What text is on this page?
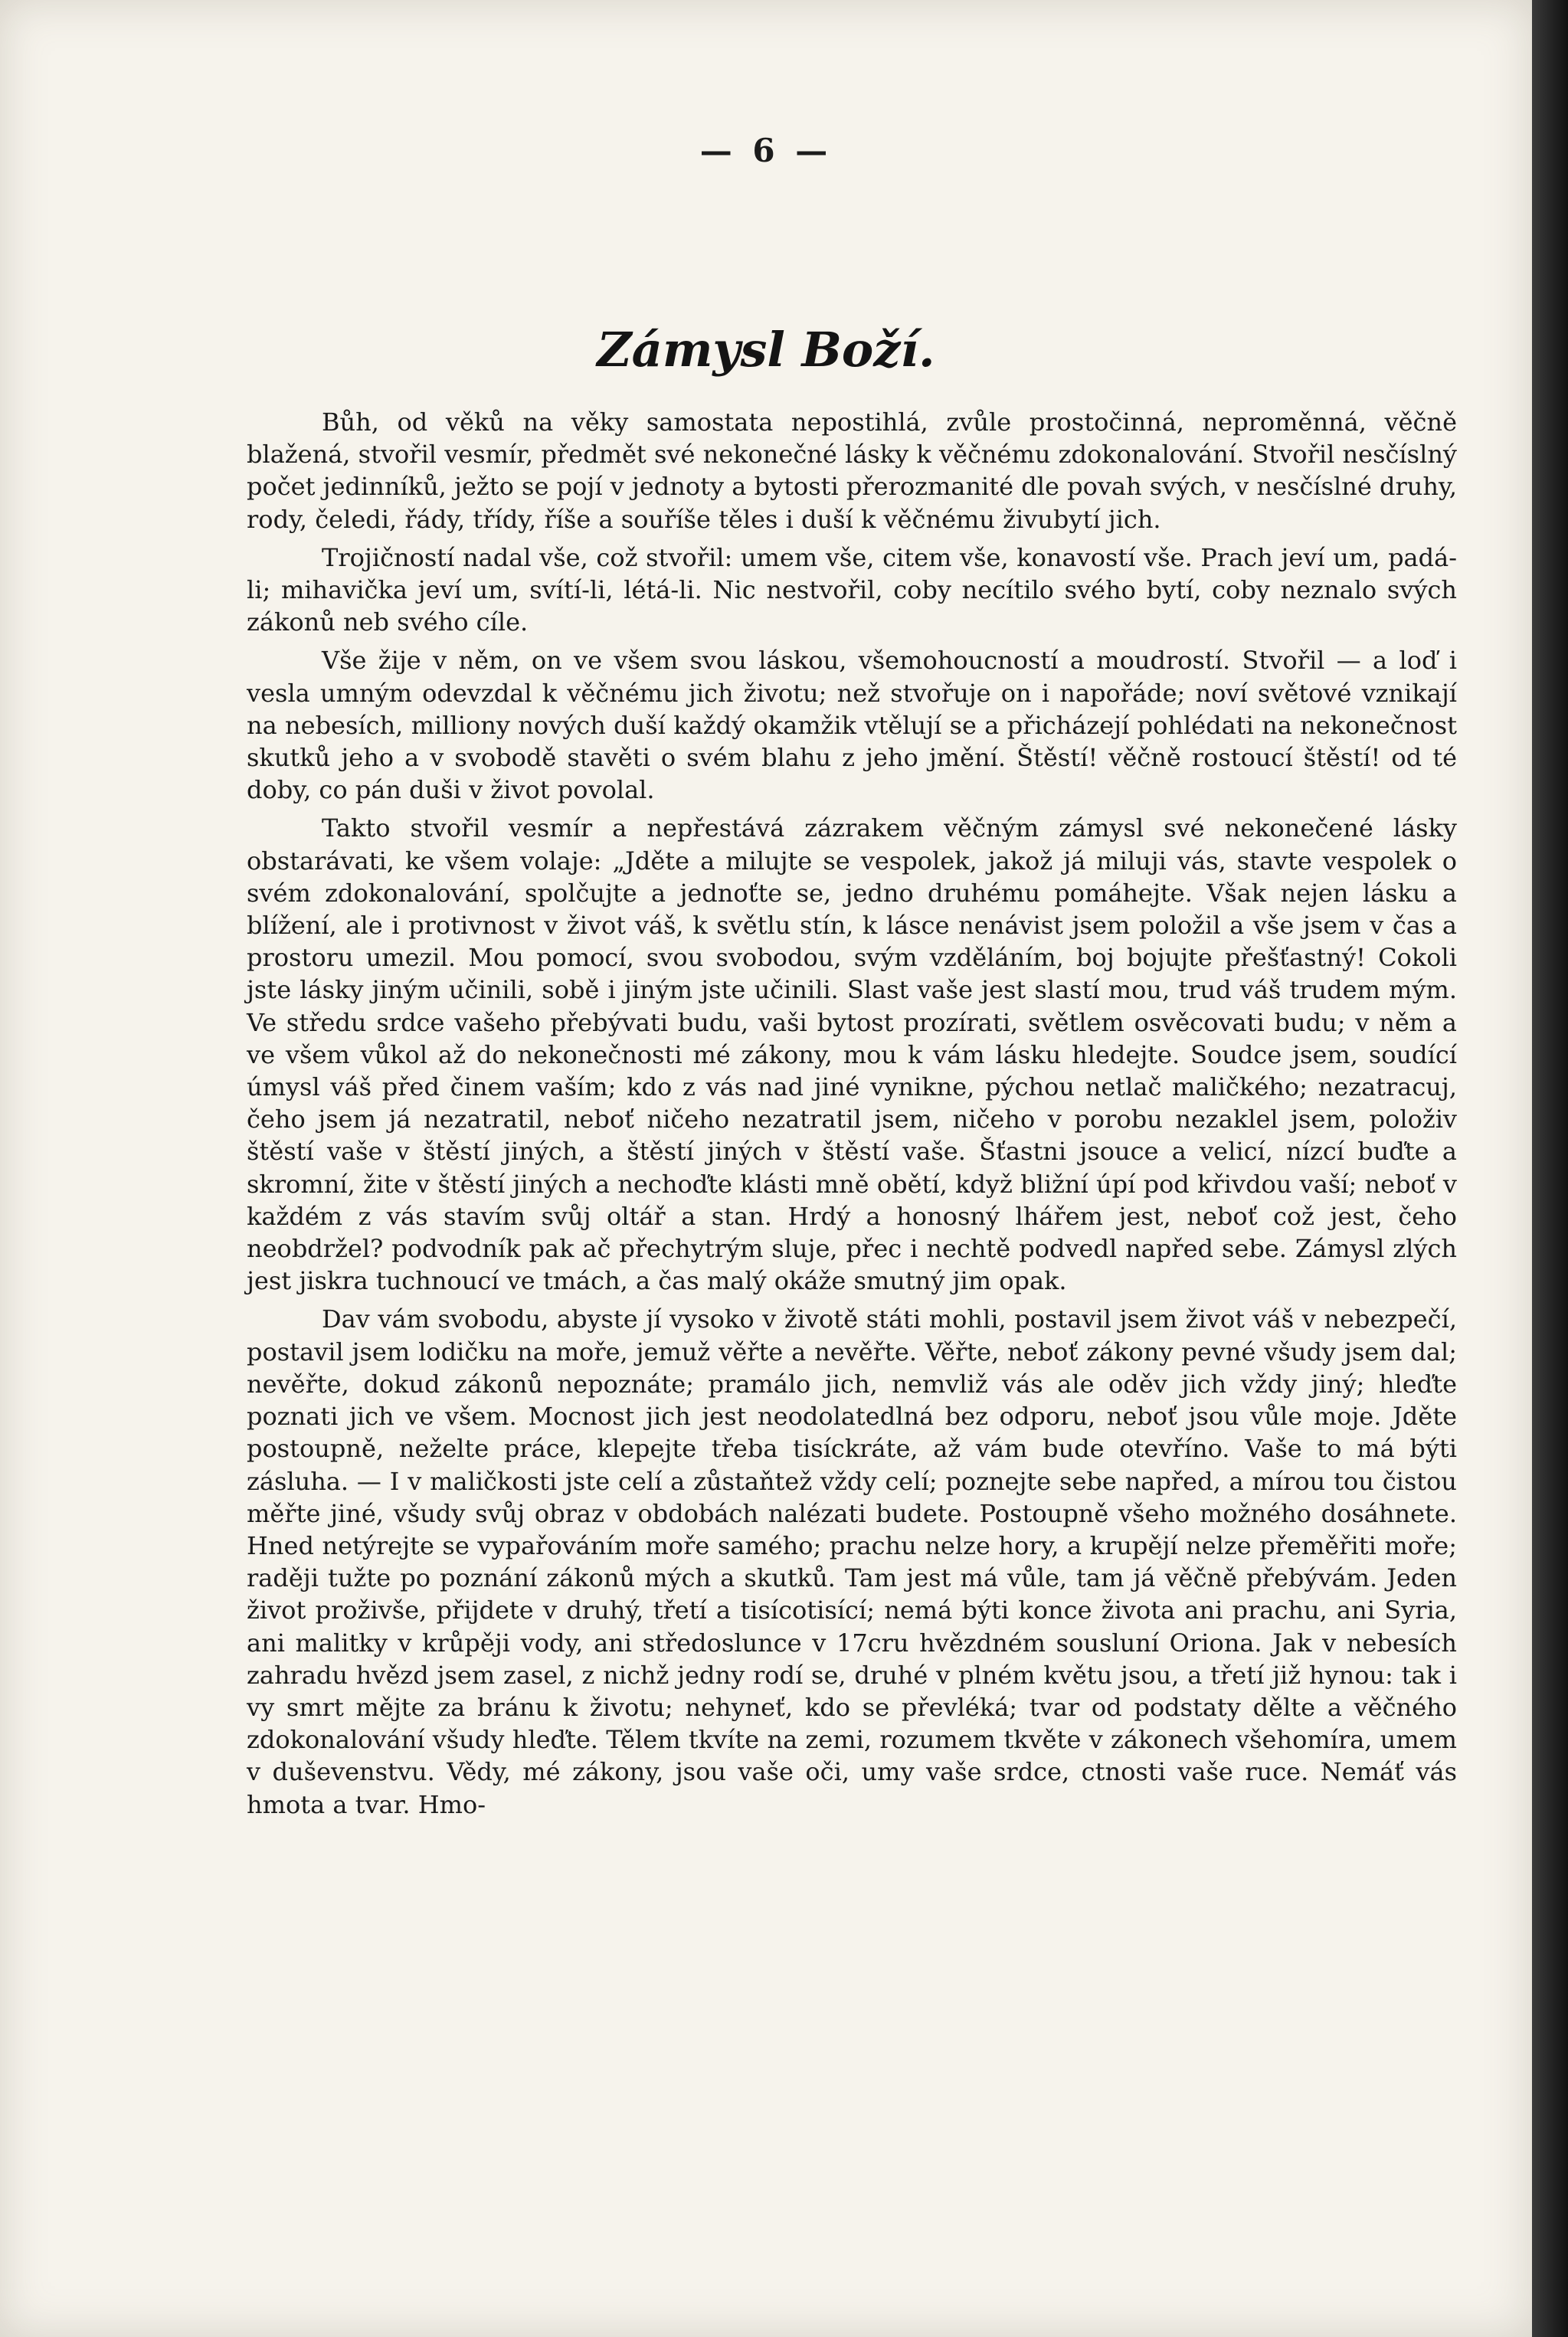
— 6 —
Zámysl Boží.

Bůh, od věků na věky samostata nepostihlá, zvůle prostočinná, neproměnná, věčně blažená, stvořil vesmír, předmět své nekonečné lásky k věčnému zdokonalování. Stvořil nesčíslný počet jedinníků, ježto se pojí v jednoty a bytosti přerozmanité dle povah svých, v nesčíslné druhy, rody, čeledi, řády, třídy, říše a souříše těles i duší k věčnému živubytí jich.

Trojičností nadal vše, což stvořil: umem vše, citem vše, konavostí vše. Prach jeví um, padá-li; mihavička jeví um, svítí-li, létá-li. Nic nestvořil, coby necítilo svého bytí, coby neznalo svých zákonů neb svého cíle.

Vše žije v něm, on ve všem svou láskou, všemohoucností a moudrostí. Stvořil — a loď i vesla umným odevzdal k věčnému jich životu; než stvořuje on i napořáde; noví světové vznikají na nebesích, milliony nových duší každý okamžik vtělují se a přicházejí pohlédati na nekonečnost skutků jeho a v svobodě stavěti o svém blahu z jeho jmění. Štěstí! věčně rostoucí štěstí! od té doby, co pán duši v život povolal.

Takto stvořil vesmír a nepřestává zázrakem věčným zámysl své nekonečené lásky obstarávati, ke všem volaje: „Jděte a milujte se vespolek, jakož já miluji vás, stavte vespolek o svém zdokonalování, spolčujte a jednoťte se, jedno druhému pomáhejte. Však nejen lásku a blížení, ale i protivnost v život váš, k světlu stín, k lásce nenávist jsem položil a vše jsem v čas a prostoru umezil. Mou pomocí, svou svobodou, svým vzděláním, boj bojujte přešťastný! Cokoli jste lásky jiným učinili, sobě i jiným jste učinili. Slast vaše jest slastí mou, trud váš trudem mým. Ve středu srdce vašeho přebývati budu, vaši bytost prozírati, světlem osvěcovati budu; v něm a ve všem vůkol až do nekonečnosti mé zákony, mou k vám lásku hledejte. Soudce jsem, soudící úmysl váš před činem vaším; kdo z vás nad jiné vynikne, pýchou netlač maličkého; nezatracuj, čeho jsem já nezatratil, neboť ničeho nezatratil jsem, ničeho v porobu nezaklel jsem, položiv štěstí vaše v štěstí jiných, a štěstí jiných v štěstí vaše. Šťastni jsouce a velicí, nízcí buďte a skromní, žite v štěstí jiných a nechoďte klásti mně obětí, když bližní úpí pod křivdou vaší; neboť v každém z vás stavím svůj oltář a stan. Hrdý a honosný lhářem jest, neboť což jest, čeho neobdržel? podvodník pak ač přechytrým sluje, přec i nechtě podvedl napřed sebe. Zámysl zlých jest jiskra tuchnoucí ve tmách, a čas malý okáže smutný jim opak.

Dav vám svobodu, abyste jí vysoko v životě státi mohli, postavil jsem život váš v nebezpečí, postavil jsem lodičku na moře, jemuž věřte a nevěřte. Věřte, neboť zákony pevné všudy jsem dal; nevěřte, dokud zákonů nepoznáte; pramálo jich, nemvliž vás ale oděv jich vždy jiný; hleďte poznati jich ve všem. Mocnost jich jest neodolatedlná bez odporu, neboť jsou vůle moje. Jděte postoupně, neželte práce, klepejte třeba tisíckráte, až vám bude otevříno. Vaše to má býti zásluha. — I v maličkosti jste celí a zůstaňtež vždy celí; poznejte sebe napřed, a mírou tou čistou měřte jiné, všudy svůj obraz v obdobách nalézati budete. Postoupně všeho možného dosáhnete. Hned netýrejte se vypařováním moře samého; prachu nelze hory, a krupějí nelze přeměřiti moře; raději tužte po poznání zákonů mých a skutků. Tam jest má vůle, tam já věčně přebývám. Jeden život proživše, přijdete v druhý, třetí a tisícotisící; nemá býti konce života ani prachu, ani Syria, ani malitky v krůpěji vody, ani středoslunce v 17cru hvězdném sousluní Oriona. Jak v nebesích zahradu hvězd jsem zasel, z nichž jedny rodí se, druhé v plném květu jsou, a třetí již hynou: tak i vy smrt mějte za bránu k životu; nehyneť, kdo se převléká; tvar od podstaty dělte a věčného zdokonalování všudy hleďte. Tělem tkvíte na zemi, rozumem tkvěte v zákonech všehomíra, umem v duševenstvu. Vědy, mé zákony, jsou vaše oči, umy vaše srdce, ctnosti vaše ruce. Nemáť vás hmota a tvar. Hmo-
